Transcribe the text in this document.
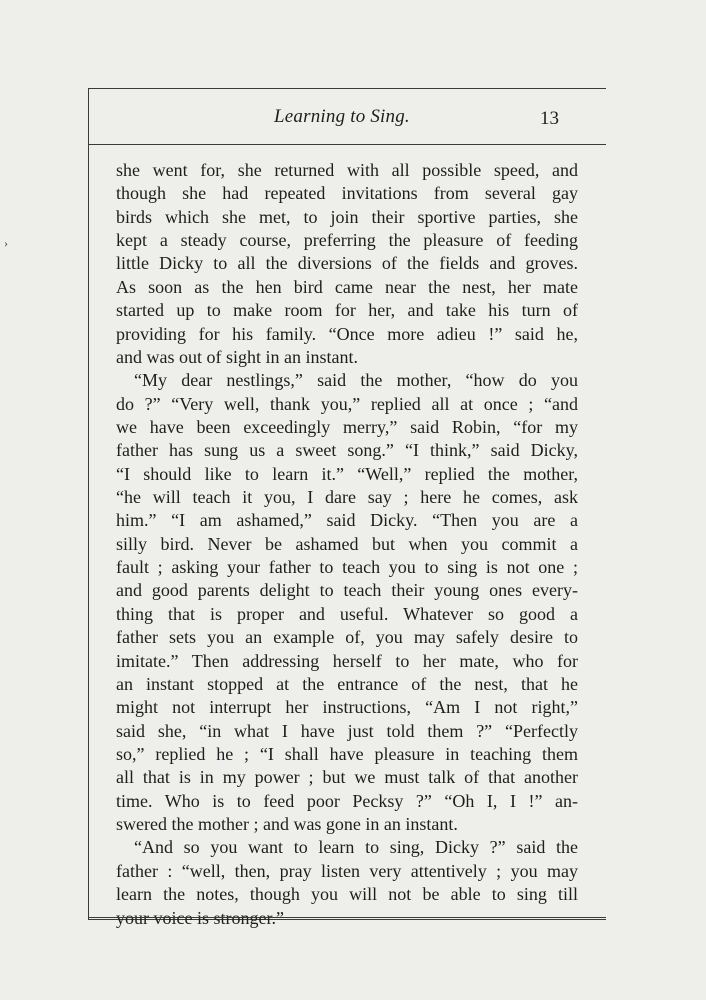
Learning to Sing.	13
she went for, she returned with all possible speed, and
though she had repeated invitations from several gay
birds which she met, to join their sportive parties, she
kept a steady course, preferring the pleasure of feeding
little Dicky to all the diversions of the fields and groves.
As soon as the hen bird came near the nest, her mate
started up to make room for her, and take his turn of
providing for his family. “Once more adieu !” said he,
and was out of sight in an instant.
“My dear nestlings,” said the mother, “how do you
do ?” “Very well, thank you,” replied all at once ; “and
we have been exceedingly merry,” said Robin, “for my
father has sung us a sweet song.” “I think,” said Dicky,
“I should like to learn it.” “Well,” replied the mother,
“he will teach it you, I dare say ; here he comes, ask
him.” “I am ashamed,” said Dicky. “Then you are a
silly bird. Never be ashamed but when you commit a
fault ; asking your father to teach you to sing is not one ;
and good parents delight to teach their young ones every-
thing that is proper and useful. Whatever so good a
father sets you an example of, you may safely desire to
imitate.” Then addressing herself to her mate, who for
an instant stopped at the entrance of the nest, that he
might not interrupt her instructions, “Am I not right,”
said she, “in what I have just told them ?” “Perfectly
so,” replied he ; “I shall have pleasure in teaching them
all that is in my power ; but we must talk of that another
time. Who is to feed poor Pecksy ?” “Oh I, I !” an-
swered the mother ; and was gone in an instant.
“And so you want to learn to sing, Dicky ?” said the
father : “well, then, pray listen very attentively ; you may
learn the notes, though you will not be able to sing till
your voice is stronger.”
›
